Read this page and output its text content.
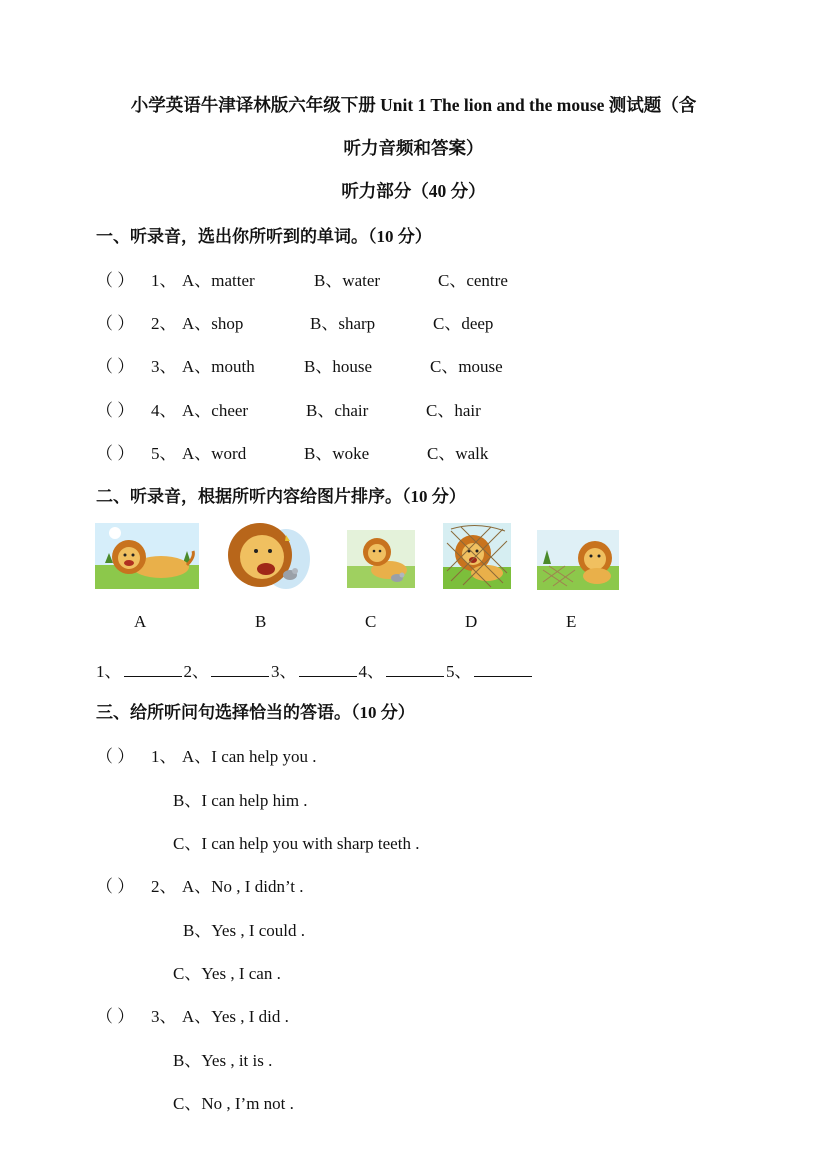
小学英语牛津译林版六年级下册 Unit 1 The lion and the mouse 测试题（含
听力音频和答案）
听力部分（40 分）
一、听录音，选出你所听到的单词。（10 分）
（ ） 1、 A、matter	B、water	C、centre
（ ） 2、 A、shop	B、sharp	C、deep
（ ） 3、 A、mouth	B、house	C、mouse
（ ） 4、 A、cheer	B、chair	C、hair
（ ） 5、 A、word	B、woke	C、walk
二、听录音，根据所听内容给图片排序。（10 分）
A	B	C	D	E
1、	2、	3、	4、	5、
三、给所听问句选择恰当的答语。（10 分）
（ ） 1、 A、I can help you .
B、I can help him .
C、I can help you with sharp teeth .
（ ） 2、 A、No , I didn’t .
B、Yes , I could .
C、Yes , I can .
（ ） 3、 A、Yes , I did .
B、Yes , it is .
C、No , I’m not .
